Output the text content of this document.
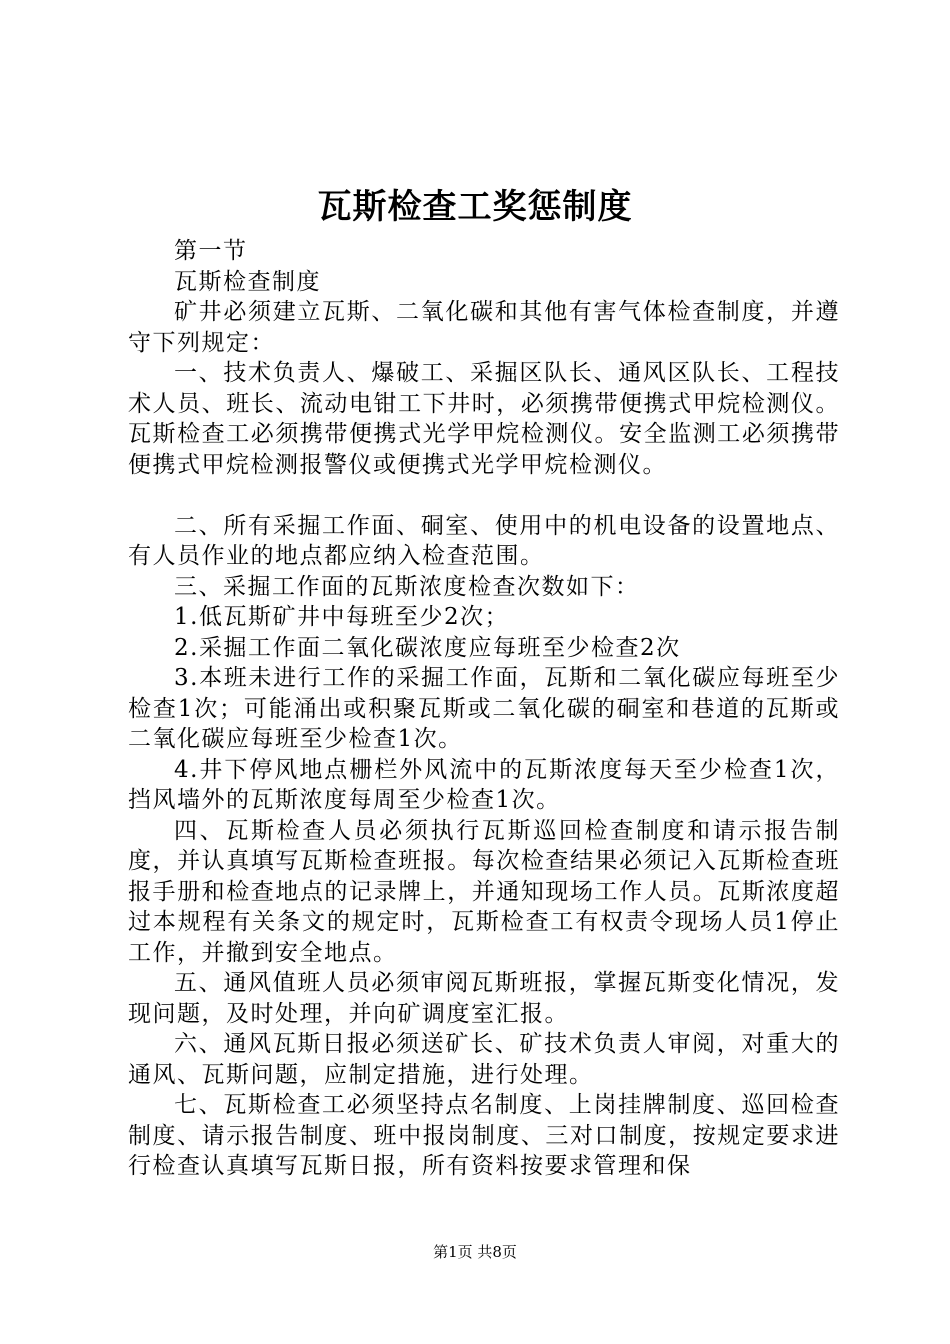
瓦斯检查工奖惩制度

第一节

瓦斯检查制度

矿井必须建立瓦斯、二氧化碳和其他有害气体检查制度，并遵守下列规定：

一、技术负责人、爆破工、采掘区队长、通风区队长、工程技术人员、班长、流动电钳工下井时，必须携带便携式甲烷检测仪。瓦斯检查工必须携带便携式光学甲烷检测仪。安全监测工必须携带便携式甲烷检测报警仪或便携式光学甲烷检测仪。

二、所有采掘工作面、硐室、使用中的机电设备的设置地点、有人员作业的地点都应纳入检查范围。

三、采掘工作面的瓦斯浓度检查次数如下：

1.低瓦斯矿井中每班至少2次；

2.采掘工作面二氧化碳浓度应每班至少检查2次

3.本班未进行工作的采掘工作面，瓦斯和二氧化碳应每班至少检查1次；可能涌出或积聚瓦斯或二氧化碳的硐室和巷道的瓦斯或二氧化碳应每班至少检查1次。

4.井下停风地点栅栏外风流中的瓦斯浓度每天至少检查1次，挡风墙外的瓦斯浓度每周至少检查1次。

四、瓦斯检查人员必须执行瓦斯巡回检查制度和请示报告制度，并认真填写瓦斯检查班报。每次检查结果必须记入瓦斯检查班报手册和检查地点的记录牌上，并通知现场工作人员。瓦斯浓度超过本规程有关条文的规定时，瓦斯检查工有权责令现场人员1停止工作，并撤到安全地点。

五、通风值班人员必须审阅瓦斯班报，掌握瓦斯变化情况，发现问题，及时处理，并向矿调度室汇报。

六、通风瓦斯日报必须送矿长、矿技术负责人审阅，对重大的通风、瓦斯问题，应制定措施，进行处理。

七、瓦斯检查工必须坚持点名制度、上岗挂牌制度、巡回检查制度、请示报告制度、班中报岗制度、三对口制度，按规定要求进行检查认真填写瓦斯日报，所有资料按要求管理和保

第1页 共8页
